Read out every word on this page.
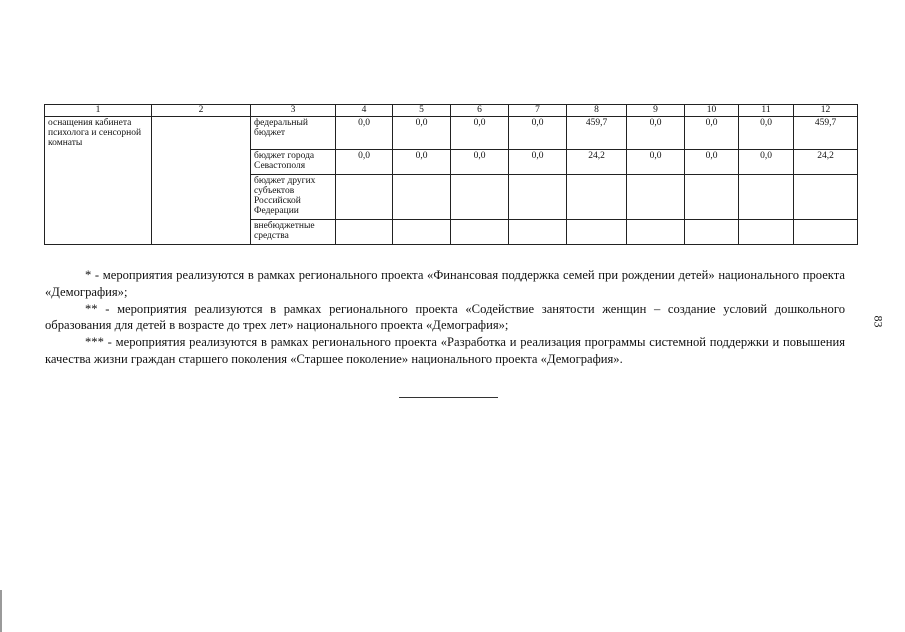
1	2	3	4	5	6	7	8	9	10	11	12
оснащения кабинета психолога и сенсорной комнаты		федеральный бюджет	0,0	0,0	0,0	0,0	459,7	0,0	0,0	0,0	459,7
		бюджет города Севастополя	0,0	0,0	0,0	0,0	24,2	0,0	0,0	0,0	24,2
		бюджет других субъектов Российской Федерации									
		внебюджетные средства									

* - мероприятия реализуются в рамках регионального проекта «Финансовая поддержка семей при рождении детей» национального проекта «Демография»;

** - мероприятия реализуются в рамках регионального проекта «Содействие занятости женщин – создание условий дошкольного образования для детей в возрасте до трех лет» национального проекта «Демография»;

*** - мероприятия реализуются в рамках регионального проекта «Разработка и реализация программы системной поддержки и повышения качества жизни граждан старшего поколения «Старшее поколение» национального проекта «Демография».

83
